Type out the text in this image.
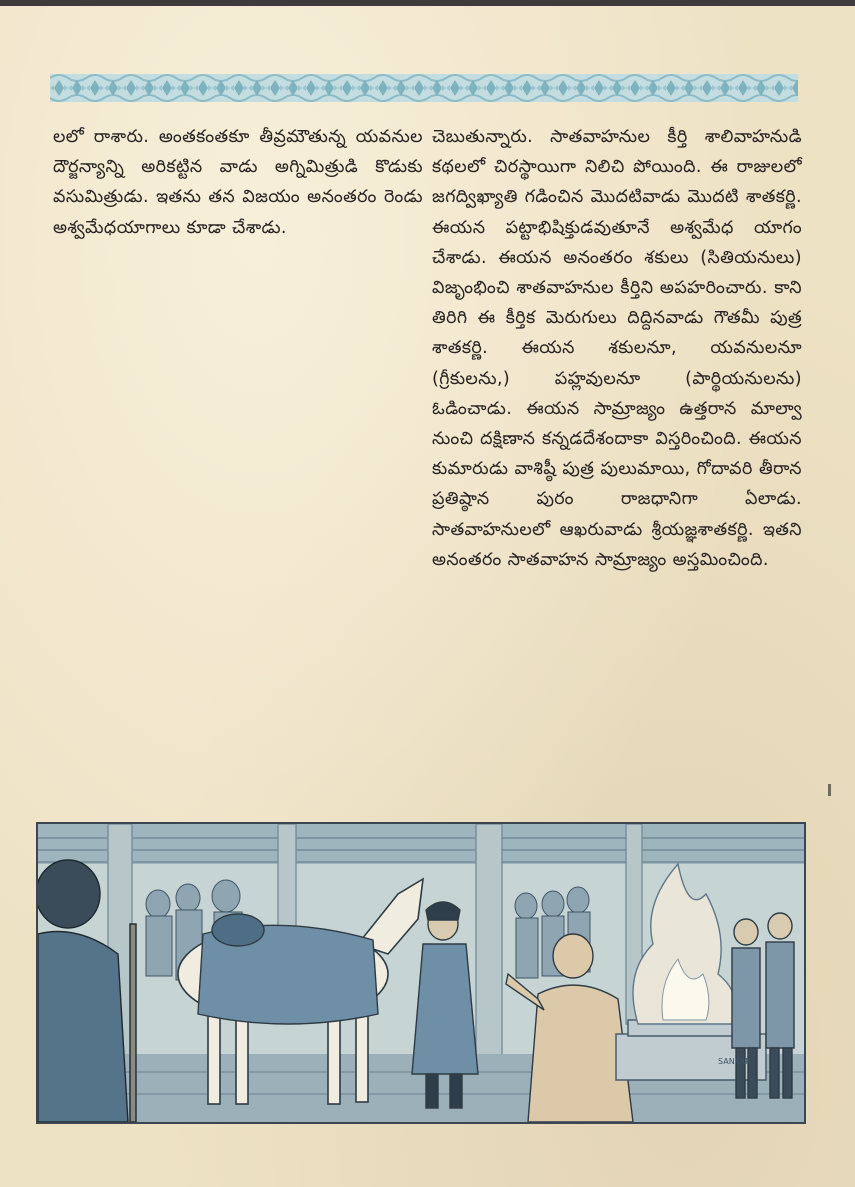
లలో రాశారు. అంతకంతకూ తీవ్రమౌతున్న యవనుల దౌర్జన్యాన్ని అరికట్టిన వాడు అగ్నిమిత్రుడి కొడుకు వసుమిత్రుడు. ఇతను తన విజయం అనంతరం రెండు అశ్వమేధయాగాలు కూడా చేశాడు.

చెబుతున్నారు. సాతవాహనుల కీర్తి శాలివాహనుడి కథలలో చిరస్థాయిగా నిలిచి పోయింది. ఈ రాజులలో జగద్విఖ్యాతి గడించిన మొదటివాడు మొదటి శాతకర్ణి. ఈయన పట్టాభిషిక్తుడవుతూనే అశ్వమేధ యాగం చేశాడు. ఈయన అనంతరం శకులు (సితియనులు) విజృంభించి శాతవాహనుల కీర్తిని అపహరించారు. కాని తిరిగి ఈ కీర్తిక మెరుగులు దిద్దినవాడు గౌతమీ పుత్ర శాతకర్ణి. ఈయన శకులనూ, యవనులనూ (గ్రీకులను,) పహ్లవులనూ (పార్థియనులను) ఓడించాడు. ఈయన సామ్రాజ్యం ఉత్తరాన మాల్వా నుంచి దక్షిణాన కన్నడదేశందాకా విస్తరించింది. ఈయన కుమారుడు వాశిష్ఠీ పుత్ర పులుమాయి, గోదావరి తీరాన ప్రతిష్ఠాన పురం రాజధానిగా ఏలాడు. సాతవాహనులలో ఆఖరువాడు శ్రీయజ్ఞశాతకర్ణి. ఇతని అనంతరం సాతవాహన సామ్రాజ్యం అస్తమించింది.

SANKAR
